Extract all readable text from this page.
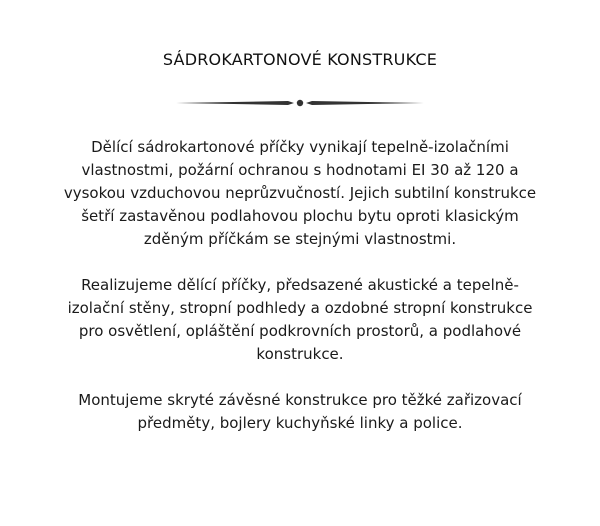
SÁDROKARTONOVÉ KONSTRUKCE

Dělící sádrokartonové příčky vynikají tepelně-izolačními vlastnostmi, požární ochranou s hodnotami EI 30 až 120 a vysokou vzduchovou neprůzvučností. Jejich subtilní konstrukce šetří zastavěnou podlahovou plochu bytu oproti klasickým zděným příčkám se stejnými vlastnostmi.

Realizujeme dělící příčky, předsazené akustické a tepelně-izolační stěny, stropní podhledy a ozdobné stropní konstrukce pro osvětlení, opláštění podkrovních prostorů, a podlahové konstrukce.

Montujeme skryté závěsné konstrukce pro těžké zařizovací předměty, bojlery kuchyňské linky a police.
